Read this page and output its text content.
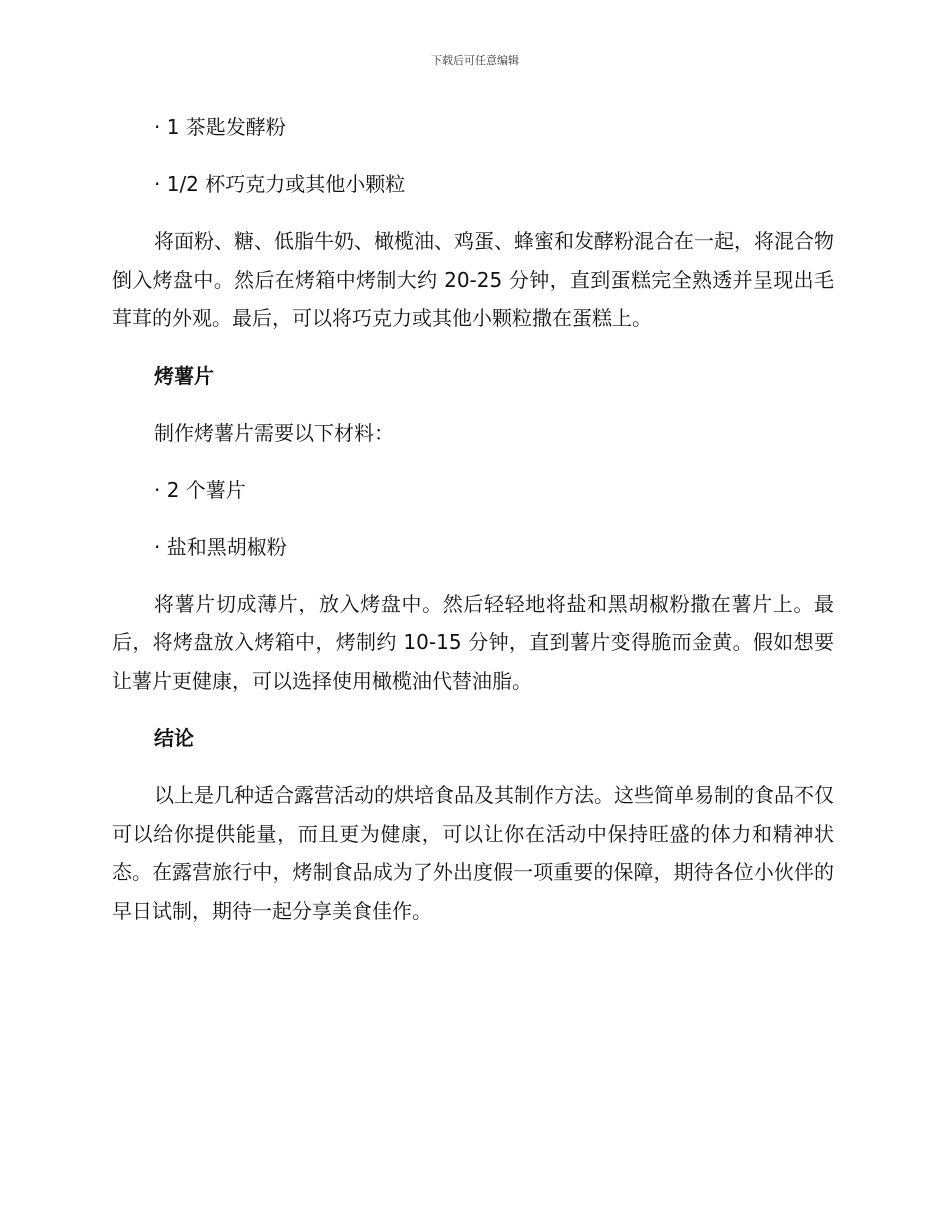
下载后可任意编辑
· 1 茶匙发酵粉
· 1/2 杯巧克力或其他小颗粒
将面粉、糖、低脂牛奶、橄榄油、鸡蛋、蜂蜜和发酵粉混合在一起，将混合物倒入烤盘中。然后在烤箱中烤制大约 20-25 分钟，直到蛋糕完全熟透并呈现出毛茸茸的外观。最后，可以将巧克力或其他小颗粒撒在蛋糕上。
烤薯片
制作烤薯片需要以下材料：
· 2 个薯片
· 盐和黑胡椒粉
将薯片切成薄片，放入烤盘中。然后轻轻地将盐和黑胡椒粉撒在薯片上。最后，将烤盘放入烤箱中，烤制约 10-15 分钟，直到薯片变得脆而金黄。假如想要让薯片更健康，可以选择使用橄榄油代替油脂。
结论
以上是几种适合露营活动的烘培食品及其制作方法。这些简单易制的食品不仅可以给你提供能量，而且更为健康，可以让你在活动中保持旺盛的体力和精神状态。在露营旅行中，烤制食品成为了外出度假一项重要的保障，期待各位小伙伴的早日试制，期待一起分享美食佳作。
